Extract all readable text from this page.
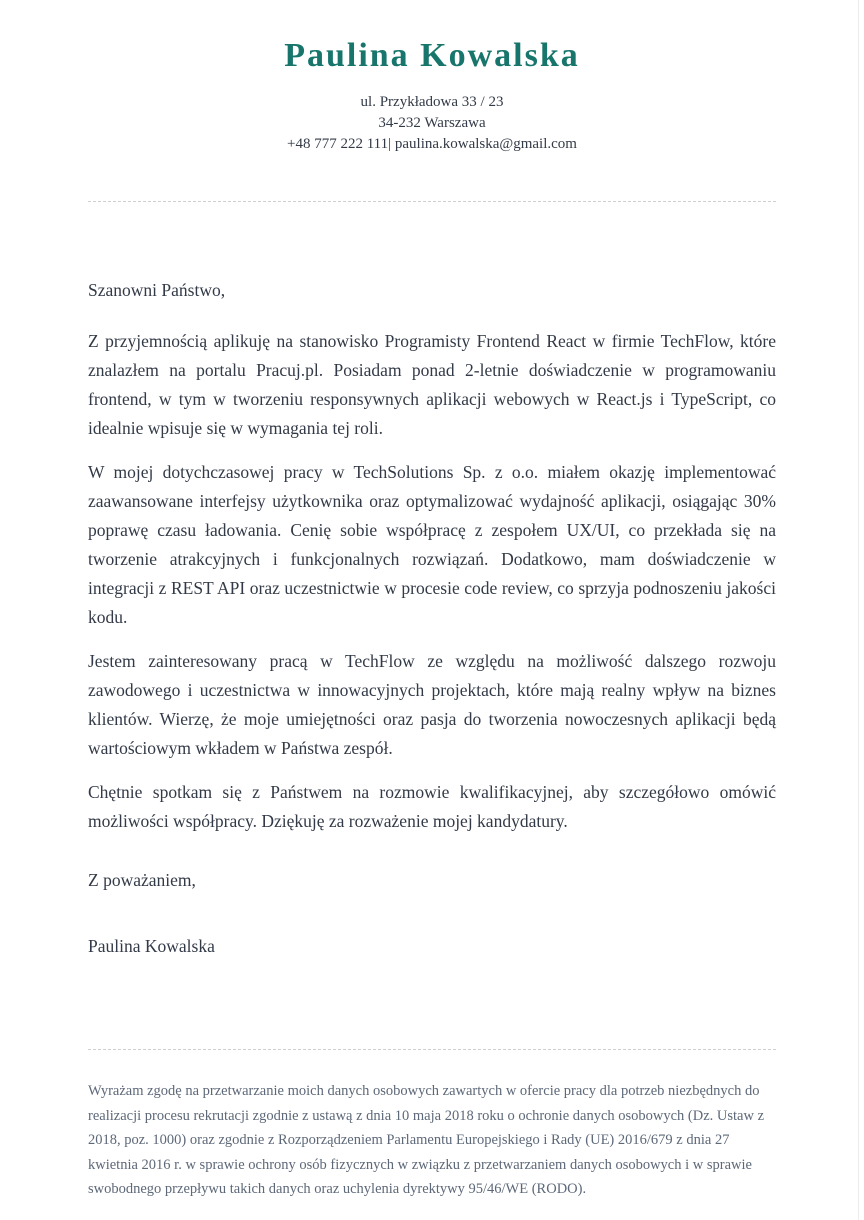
Paulina Kowalska
ul. Przykładowa 33 / 23
34-232 Warszawa
+48 777 222 111| paulina.kowalska@gmail.com

Szanowni Państwo,

Z przyjemnością aplikuję na stanowisko Programisty Frontend React w firmie TechFlow, które znalazłem na portalu Pracuj.pl. Posiadam ponad 2-letnie doświadczenie w programowaniu frontend, w tym w tworzeniu responsywnych aplikacji webowych w React.js i TypeScript, co idealnie wpisuje się w wymagania tej roli.

W mojej dotychczasowej pracy w TechSolutions Sp. z o.o. miałem okazję implementować zaawansowane interfejsy użytkownika oraz optymalizować wydajność aplikacji, osiągając 30% poprawę czasu ładowania. Cenię sobie współpracę z zespołem UX/UI, co przekłada się na tworzenie atrakcyjnych i funkcjonalnych rozwiązań. Dodatkowo, mam doświadczenie w integracji z REST API oraz uczestnictwie w procesie code review, co sprzyja podnoszeniu jakości kodu.

Jestem zainteresowany pracą w TechFlow ze względu na możliwość dalszego rozwoju zawodowego i uczestnictwa w innowacyjnych projektach, które mają realny wpływ na biznes klientów. Wierzę, że moje umiejętności oraz pasja do tworzenia nowoczesnych aplikacji będą wartościowym wkładem w Państwa zespół.

Chętnie spotkam się z Państwem na rozmowie kwalifikacyjnej, aby szczegółowo omówić możliwości współpracy. Dziękuję za rozważenie mojej kandydatury.

Z poważaniem,

Paulina Kowalska

Wyrażam zgodę na przetwarzanie moich danych osobowych zawartych w ofercie pracy dla potrzeb niezbędnych do realizacji procesu rekrutacji zgodnie z ustawą z dnia 10 maja 2018 roku o ochronie danych osobowych (Dz. Ustaw z 2018, poz. 1000) oraz zgodnie z Rozporządzeniem Parlamentu Europejskiego i Rady (UE) 2016/679 z dnia 27 kwietnia 2016 r. w sprawie ochrony osób fizycznych w związku z przetwarzaniem danych osobowych i w sprawie swobodnego przepływu takich danych oraz uchylenia dyrektywy 95/46/WE (RODO).
